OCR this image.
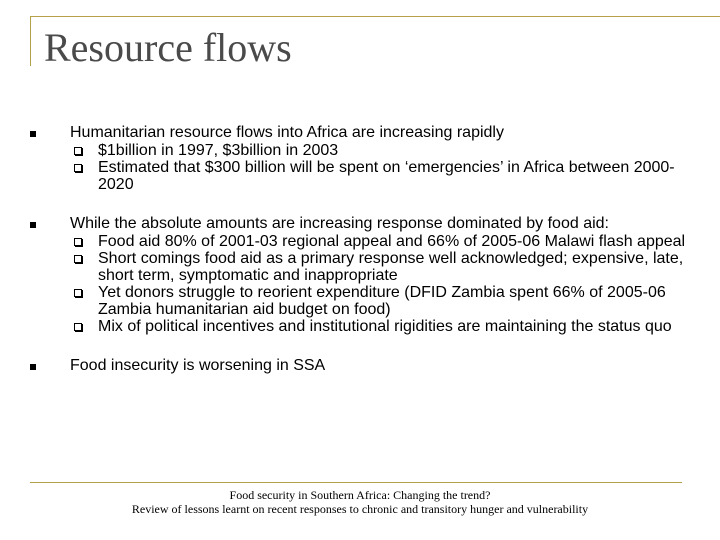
Resource flows
Humanitarian resource flows into Africa are increasing rapidly
$1billion in 1997, $3billion in 2003
Estimated that $300 billion will be spent on ‘emergencies’ in Africa between 2000-2020
While the absolute amounts are increasing response dominated by food aid:
Food aid 80% of 2001-03 regional appeal and 66% of 2005-06 Malawi flash appeal
Short comings food aid as a primary response well acknowledged; expensive, late, short term, symptomatic and inappropriate
Yet donors struggle to reorient expenditure (DFID Zambia spent 66% of 2005-06 Zambia humanitarian aid budget on food)
Mix of political incentives and institutional rigidities are maintaining the status quo
Food insecurity is worsening in SSA
Food security in Southern Africa: Changing the trend?
Review of lessons learnt on recent responses to chronic and transitory hunger and vulnerability
